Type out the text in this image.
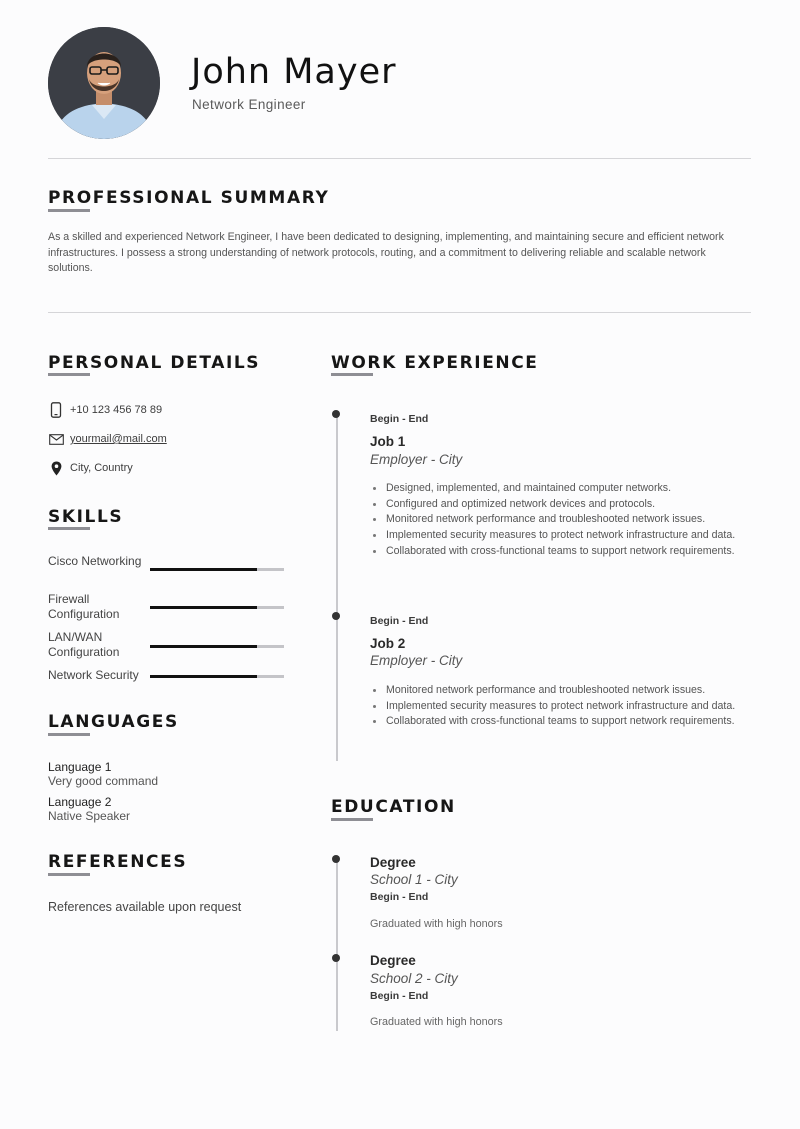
John Mayer
Network Engineer
PROFESSIONAL SUMMARY

As a skilled and experienced Network Engineer, I have been dedicated to designing, implementing, and maintaining secure and efficient network infrastructures. I possess a strong understanding of network protocols, routing, and a commitment to delivering reliable and scalable network solutions.

PERSONAL DETAILS
+10 123 456 78 89
yourmail@mail.com
City, Country
SKILLS
Cisco Networking
Firewall Configuration
LAN/WAN Configuration
Network Security
LANGUAGES
Language 1
Very good command
Language 2
Native Speaker
REFERENCES
References available upon request
WORK EXPERIENCE
Begin - End
Job 1
Employer - City
Designed, implemented, and maintained computer networks.
Configured and optimized network devices and protocols.
Monitored network performance and troubleshooted network issues.
Implemented security measures to protect network infrastructure and data.
Collaborated with cross-functional teams to support network requirements.
Begin - End
Job 2
Employer - City
Monitored network performance and troubleshooted network issues.
Implemented security measures to protect network infrastructure and data.
Collaborated with cross-functional teams to support network requirements.
EDUCATION
Degree
School 1 - City
Begin - End
Graduated with high honors
Degree
School 2 - City
Begin - End
Graduated with high honors
